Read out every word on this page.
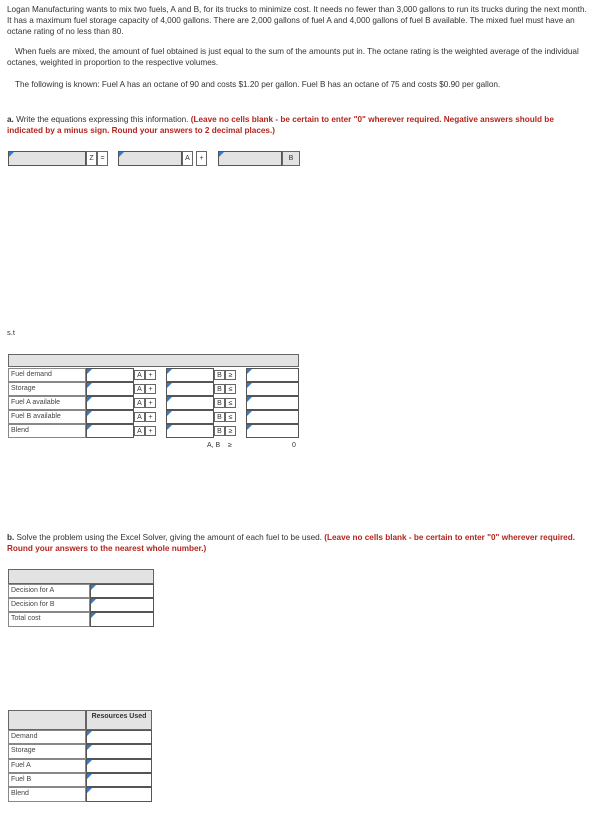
Logan Manufacturing wants to mix two fuels, A and B, for its trucks to minimize cost. It needs no fewer than 3,000 gallons to run its trucks during the next month. It has a maximum fuel storage capacity of 4,000 gallons. There are 2,000 gallons of fuel A and 4,000 gallons of fuel B available. The mixed fuel must have an octane rating of no less than 80.
When fuels are mixed, the amount of fuel obtained is just equal to the sum of the amounts put in. The octane rating is the weighted average of the individual octanes, weighted in proportion to the respective volumes.
The following is known: Fuel A has an octane of 90 and costs $1.20 per gallon. Fuel B has an octane of 75 and costs $0.90 per gallon.
a. Write the equations expressing this information. (Leave no cells blank - be certain to enter "0" wherever required. Negative answers should be indicated by a minus sign. Round your answers to 2 decimal places.)
Z =	A	+	B
s.t
Fuel demand	A +	B ≥
Storage	A +	B ≤
Fuel A available	A +	B ≤
Fuel B available	A +	B ≤
Blend	A +	B ≥
A, B ≥	0
b. Solve the problem using the Excel Solver, giving the amount of each fuel to be used. (Leave no cells blank - be certain to enter "0" wherever required. Round your answers to the nearest whole number.)
Decision for A
Decision for B
Total cost
Resources Used
Demand
Storage
Fuel A
Fuel B
Blend
